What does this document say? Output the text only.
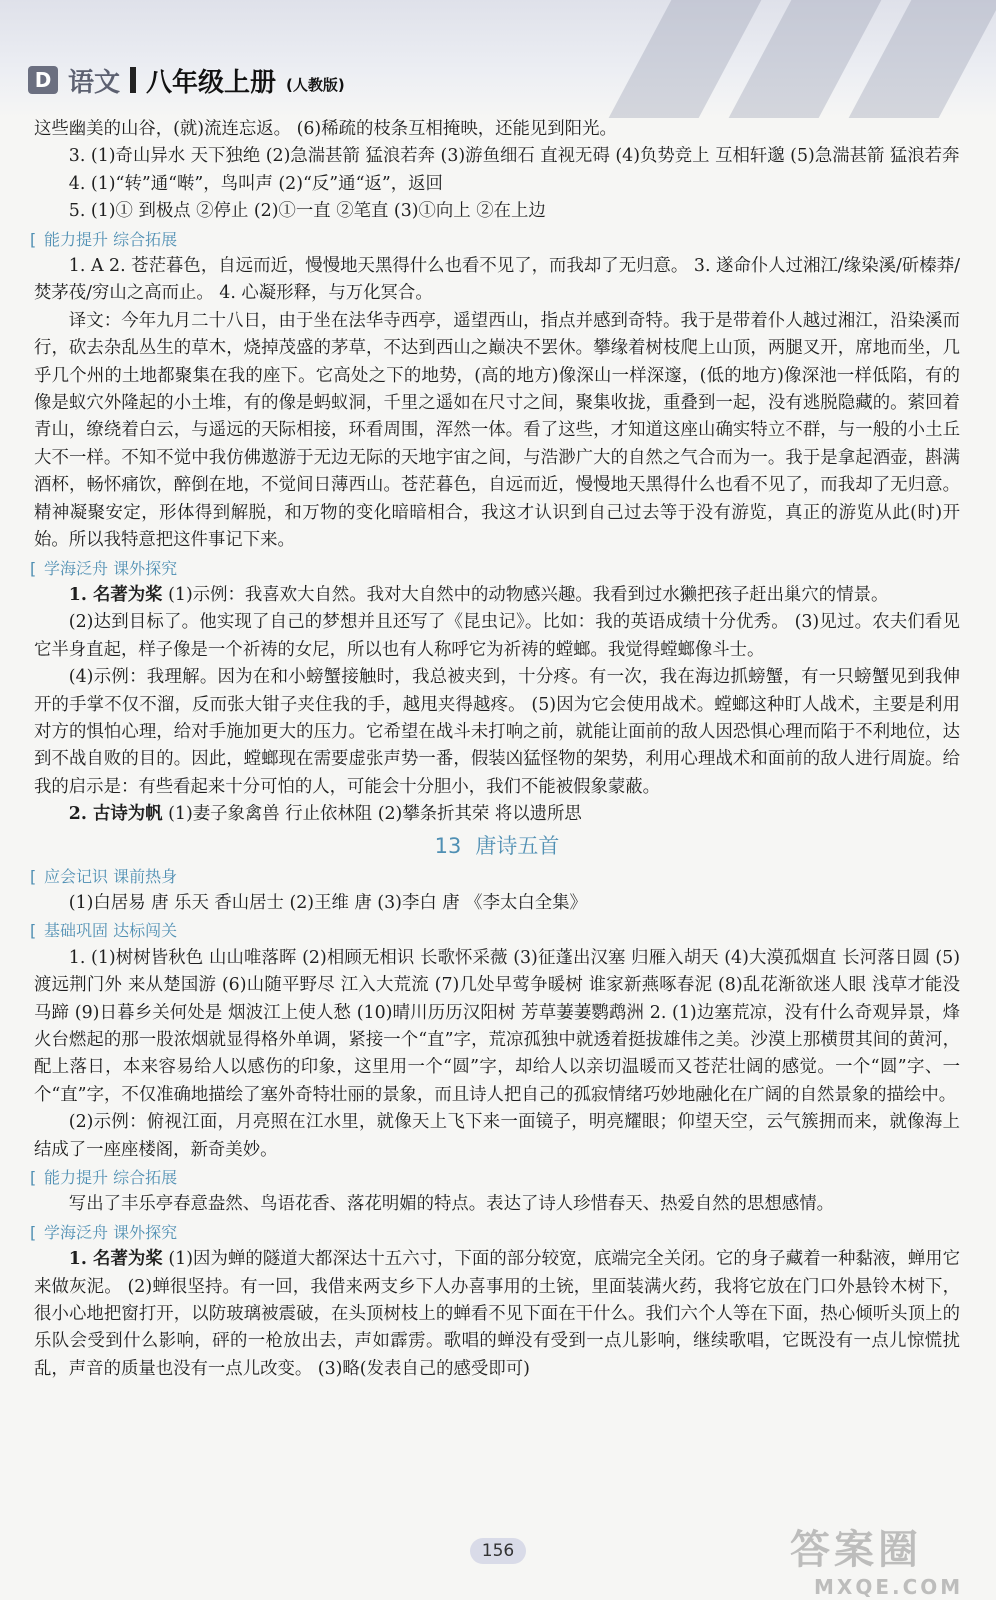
D 语文 八年级上册 (人教版)

这些幽美的山谷，(就)流连忘返。 (6)稀疏的枝条互相掩映，还能见到阳光。

3. (1)奇山异水 天下独绝 (2)急湍甚箭 猛浪若奔 (3)游鱼细石 直视无碍 (4)负势竞上 互相轩邈 (5)急湍甚箭 猛浪若奔

4. (1)“转”通“啭”，鸟叫声 (2)“反”通“返”，返回

5. (1)① 到极点 ②停止 (2)①一直 ②笔直 (3)①向上 ②在上边

[ 能力提升 综合拓展

1. A 2. 苍茫暮色，自远而近，慢慢地天黑得什么也看不见了，而我却了无归意。 3. 遂命仆人过湘江/缘染溪/斫榛莽/焚茅茷/穷山之高而止。 4. 心凝形释，与万化冥合。

译文：今年九月二十八日，由于坐在法华寺西亭，遥望西山，指点并感到奇特。我于是带着仆人越过湘江，沿染溪而行，砍去杂乱丛生的草木，烧掉茂盛的茅草，不达到西山之巅决不罢休。攀缘着树枝爬上山顶，两腿叉开，席地而坐，几乎几个州的土地都聚集在我的座下。它高处之下的地势，(高的地方)像深山一样深邃，(低的地方)像深池一样低陷，有的像是蚁穴外隆起的小土堆，有的像是蚂蚁洞，千里之遥如在尺寸之间，聚集收拢，重叠到一起，没有逃脱隐藏的。萦回着青山，缭绕着白云，与遥远的天际相接，环看周围，浑然一体。看了这些，才知道这座山确实特立不群，与一般的小土丘大不一样。不知不觉中我仿佛遨游于无边无际的天地宇宙之间，与浩渺广大的自然之气合而为一。我于是拿起酒壶，斟满酒杯，畅怀痛饮，醉倒在地，不觉间日薄西山。苍茫暮色，自远而近，慢慢地天黑得什么也看不见了，而我却了无归意。精神凝聚安定，形体得到解脱，和万物的变化暗暗相合，我这才认识到自己过去等于没有游览，真正的游览从此(时)开始。所以我特意把这件事记下来。

[ 学海泛舟 课外探究

1. 名著为桨 (1)示例：我喜欢大自然。我对大自然中的动物感兴趣。我看到过水獭把孩子赶出巢穴的情景。

(2)达到目标了。他实现了自己的梦想并且还写了《昆虫记》。比如：我的英语成绩十分优秀。 (3)见过。农夫们看见它半身直起，样子像是一个祈祷的女尼，所以也有人称呼它为祈祷的螳螂。我觉得螳螂像斗士。

(4)示例：我理解。因为在和小螃蟹接触时，我总被夹到，十分疼。有一次，我在海边抓螃蟹，有一只螃蟹见到我伸开的手掌不仅不溜，反而张大钳子夹住我的手，越甩夹得越疼。 (5)因为它会使用战术。螳螂这种盯人战术，主要是利用对方的惧怕心理，给对手施加更大的压力。它希望在战斗未打响之前，就能让面前的敌人因恐惧心理而陷于不利地位，达到不战自败的目的。因此，螳螂现在需要虚张声势一番，假装凶猛怪物的架势，利用心理战术和面前的敌人进行周旋。给我的启示是：有些看起来十分可怕的人，可能会十分胆小，我们不能被假象蒙蔽。

2. 古诗为帆 (1)妻子象禽兽 行止依林阻 (2)攀条折其荣 将以遗所思

13 唐诗五首
[ 应会记识 课前热身

(1)白居易 唐 乐天 香山居士 (2)王维 唐 (3)李白 唐 《李太白全集》

[ 基础巩固 达标闯关

1. (1)树树皆秋色 山山唯落晖 (2)相顾无相识 长歌怀采薇 (3)征蓬出汉塞 归雁入胡天 (4)大漠孤烟直 长河落日圆 (5)渡远荆门外 来从楚国游 (6)山随平野尽 江入大荒流 (7)几处早莺争暖树 谁家新燕啄春泥 (8)乱花渐欲迷人眼 浅草才能没马蹄 (9)日暮乡关何处是 烟波江上使人愁 (10)晴川历历汉阳树 芳草萋萋鹦鹉洲 2. (1)边塞荒凉，没有什么奇观异景，烽火台燃起的那一股浓烟就显得格外单调，紧接一个“直”字，荒凉孤独中就透着挺拔雄伟之美。沙漠上那横贯其间的黄河，配上落日，本来容易给人以感伤的印象，这里用一个“圆”字，却给人以亲切温暖而又苍茫壮阔的感觉。一个“圆”字、一个“直”字，不仅准确地描绘了塞外奇特壮丽的景象，而且诗人把自己的孤寂情绪巧妙地融化在广阔的自然景象的描绘中。

(2)示例：俯视江面，月亮照在江水里，就像天上飞下来一面镜子，明亮耀眼；仰望天空，云气簇拥而来，就像海上结成了一座座楼阁，新奇美妙。

[ 能力提升 综合拓展

写出了丰乐亭春意盎然、鸟语花香、落花明媚的特点。表达了诗人珍惜春天、热爱自然的思想感情。

[ 学海泛舟 课外探究

1. 名著为桨 (1)因为蝉的隧道大都深达十五六寸，下面的部分较宽，底端完全关闭。它的身子藏着一种黏液，蝉用它来做灰泥。 (2)蝉很坚持。有一回，我借来两支乡下人办喜事用的土铳，里面装满火药，我将它放在门口外悬铃木树下，很小心地把窗打开，以防玻璃被震破，在头顶树枝上的蝉看不见下面在干什么。我们六个人等在下面，热心倾听头顶上的乐队会受到什么影响，砰的一枪放出去，声如霹雳。歌唱的蝉没有受到一点儿影响，继续歌唱，它既没有一点儿惊慌扰乱，声音的质量也没有一点儿改变。 (3)略(发表自己的感受即可)

156	答案圈
MXQE.COM
